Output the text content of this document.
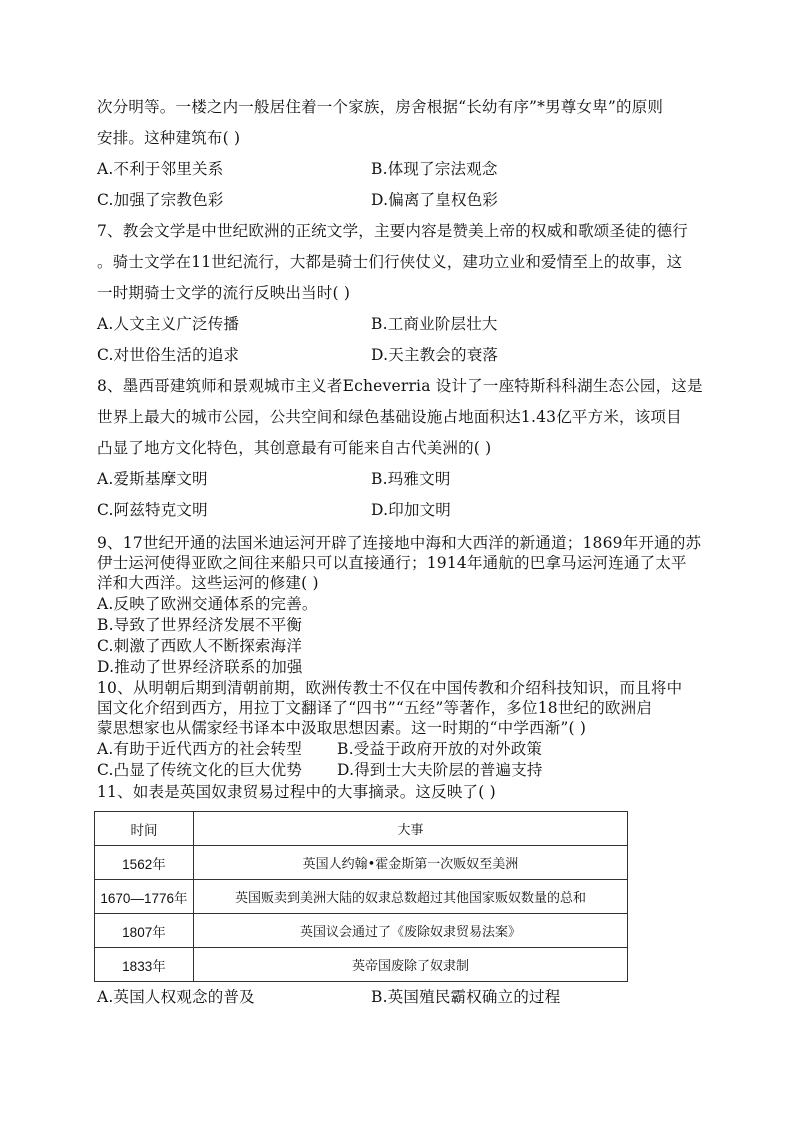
次分明等。一楼之内一般居住着一个家族，房舍根据“长幼有序”*男尊女卑”的原则
安排。这种建筑布( )
A.不利于邻里关系	B.体现了宗法观念
C.加强了宗教色彩	D.偏离了皇权色彩
7、教会文学是中世纪欧洲的正统文学，主要内容是赞美上帝的权威和歌颂圣徒的德行
。骑士文学在11世纪流行，大都是骑士们行侠仗义，建功立业和爱情至上的故事，这
一时期骑士文学的流行反映出当时( )
A.人文主义广泛传播	B.工商业阶层壮大
C.对世俗生活的追求	D.天主教会的衰落
8、墨西哥建筑师和景观城市主义者Echeverria 设计了一座特斯科科湖生态公园，这是
世界上最大的城市公园，公共空间和绿色基础设施占地面积达1.43亿平方米，该项目
凸显了地方文化特色，其创意最有可能来自古代美洲的( )
A.爱斯基摩文明	B.玛雅文明
C.阿兹特克文明	D.印加文明
9、17世纪开通的法国米迪运河开辟了连接地中海和大西洋的新通道；1869年开通的苏
伊士运河使得亚欧之间往来船只可以直接通行；1914年通航的巴拿马运河连通了太平
洋和大西洋。这些运河的修建( )
A.反映了欧洲交通体系的完善。
B.导致了世界经济发展不平衡
C.刺激了西欧人不断探索海洋
D.推动了世界经济联系的加强
10、从明朝后期到清朝前期，欧洲传教士不仅在中国传教和介绍科技知识，而且将中
国文化介绍到西方，用拉丁文翻译了“四书”“五经”等著作，多位18世纪的欧洲启
蒙思想家也从儒家经书译本中汲取思想因素。这一时期的“中学西渐”( )
A.有助于近代西方的社会转型 B.受益于政府开放的对外政策
C.凸显了传统文化的巨大优势 D.得到士大夫阶层的普遍支持
11、如表是英国奴隶贸易过程中的大事摘录。这反映了( )
时间	大事
1562年	英国人约翰•霍金斯第一次贩奴至美洲
1670—1776年	英国贩卖到美洲大陆的奴隶总数超过其他国家贩奴数量的总和
1807年	英国议会通过了《废除奴隶贸易法案》
1833年	英帝国废除了奴隶制
A.英国人权观念的普及	B.英国殖民霸权确立的过程
